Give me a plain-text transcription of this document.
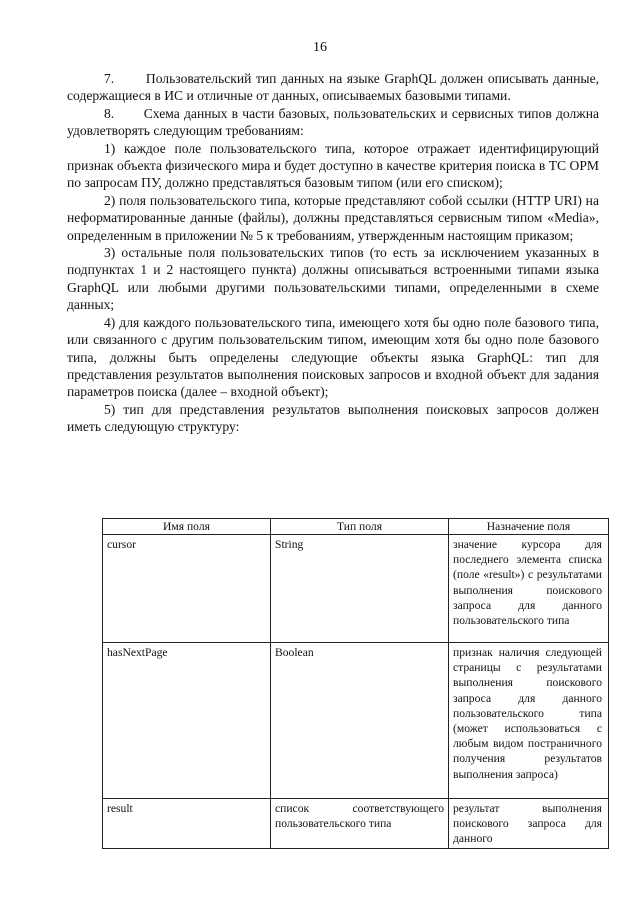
16

7.       Пользовательский тип данных на языке GraphQL должен описывать данные, содержащиеся в ИС и отличные от данных, описываемых базовыми типами.

8.       Схема данных в части базовых, пользовательских и сервисных типов должна удовлетворять следующим требованиям:

1) каждое поле пользовательского типа, которое отражает идентифицирующий признак объекта физического мира и будет доступно в качестве критерия поиска в ТС ОРМ по запросам ПУ, должно представляться базовым типом (или его списком);

2) поля пользовательского типа, которые представляют собой ссылки (HTTP URI) на неформатированные данные (файлы), должны представляться сервисным типом «Media», определенным в приложении № 5 к требованиям, утвержденным настоящим приказом;

3) остальные поля пользовательских типов (то есть за исключением указанных в подпунктах 1 и 2 настоящего пункта) должны описываться встроенными типами языка GraphQL или любыми другими пользовательскими типами, определенными в схеме данных;

4) для каждого пользовательского типа, имеющего хотя бы одно поле базового типа, или связанного с другим пользовательским типом, имеющим хотя бы одно поле базового типа, должны быть определены следующие объекты языка GraphQL: тип для представления результатов выполнения поисковых запросов и входной объект для задания параметров поиска (далее – входной объект);

5) тип для представления результатов выполнения поисковых запросов должен иметь следующую структуру:

Имя поля	Тип поля	Назначение поля
cursor	String	значение курсора для последнего элемента списка (поле «result») с результатами выполнения поискового запроса для данного пользовательского типа
hasNextPage	Boolean	признак наличия следующей страницы с результатами выполнения поискового запроса для данного пользовательского типа (может использоваться с любым видом постраничного получения результатов выполнения запроса)
result	список соответствующего пользовательского типа	результат выполнения поискового запроса для данного
